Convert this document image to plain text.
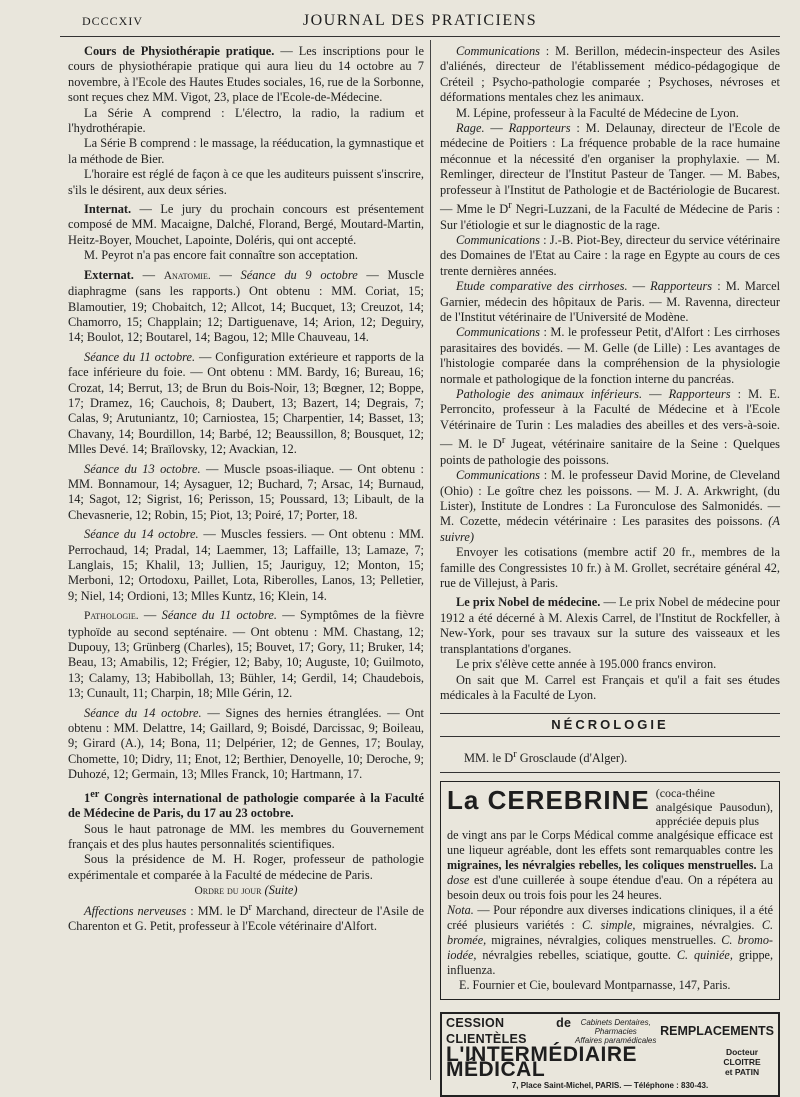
DCCCXIV	JOURNAL DES PRATICIENS

Cours de Physiothérapie pratique. — Les inscriptions pour le cours de physiothérapie pratique qui aura lieu du 14 octobre au 7 novembre, à l'Ecole des Hautes Etudes sociales, 16, rue de la Sorbonne, sont reçues chez MM. Vigot, 23, place de l'Ecole-de-Médecine.

La Série A comprend : L'électro, la radio, la radium et l'hydrothérapie.

La Série B comprend : le massage, la rééducation, la gymnastique et la méthode de Bier.

L'horaire est réglé de façon à ce que les auditeurs puissent s'inscrire, s'ils le désirent, aux deux séries.

Internat. — Le jury du prochain concours est présentement composé de MM. Macaigne, Dalché, Florand, Bergé, Moutard-Martin, Heitz-Boyer, Mouchet, Lapointe, Doléris, qui ont accepté.

M. Peyrot n'a pas encore fait connaître son acceptation.

Externat. — Anatomie. — Séance du 9 octobre — Muscle diaphragme (sans les rapports.) Ont obtenu : MM. Coriat, 15; Blamoutier, 19; Chobaitch, 12; Allcot, 14; Bucquet, 13; Creuzot, 14; Chamorro, 15; Chapplain; 12; Dartiguenave, 14; Arion, 12; Deguiry, 14; Boulot, 12; Boutarel, 14; Bagou, 12; Mlle Chauveau, 14.

Séance du 11 octobre. — Configuration extérieure et rapports de la face inférieure du foie. — Ont obtenu : MM. Bardy, 16; Bureau, 16; Crozat, 14; Berrut, 13; de Brun du Bois-Noir, 13; Bœgner, 12; Boppe, 17; Dramez, 16; Cauchois, 8; Daubert, 13; Bazert, 14; Degrais, 7; Calas, 9; Arutuniantz, 10; Carniostea, 15; Charpentier, 14; Basset, 13; Chavany, 14; Bourdillon, 14; Barbé, 12; Beaussillon, 8; Bousquet, 12; Mlles Devé. 14; Braïlovsky, 12; Avackian, 12.

Séance du 13 octobre. — Muscle psoas-iliaque. — Ont obtenu : MM. Bonnamour, 14; Aysaguer, 12; Buchard, 7; Arsac, 14; Burnaud, 14; Sagot, 12; Sigrist, 16; Perisson, 15; Poussard, 13; Libault, de la Chevasnerie, 12; Robin, 15; Piot, 13; Poiré, 17; Porter, 18.

Séance du 14 octobre. — Muscles fessiers. — Ont obtenu : MM. Perrochaud, 14; Pradal, 14; Laemmer, 13; Laffaille, 13; Lamaze, 7; Langlais, 15; Khalil, 13; Jullien, 15; Jauriguy, 12; Monton, 15; Merboni, 12; Ortodoxu, Paillet, Lota, Riberolles, Lanos, 13; Pelletier, 9; Niel, 14; Ordioni, 13; Mlles Kuntz, 16; Klein, 14.

Pathologie. — Séance du 11 octobre. — Symptômes de la fièvre typhoïde au second septénaire. — Ont obtenu : MM. Chastang, 12; Dupouy, 13; Grünberg (Charles), 15; Bouvet, 17; Gory, 11; Bruker, 14; Beau, 13; Amabilis, 12; Frégier, 12; Baby, 10; Auguste, 10; Guilmoto, 13; Calamy, 13; Habibollah, 13; Bühler, 14; Gerdil, 14; Chaudebois, 13; Cunault, 11; Charpin, 18; Mlle Gérin, 12.

Séance du 14 octobre. — Signes des hernies étranglées. — Ont obtenu : MM. Delattre, 14; Gaillard, 9; Boisdé, Darcissac, 9; Boileau, 9; Girard (A.), 14; Bona, 11; Delpérier, 12; de Gennes, 17; Boulay, Chomette, 10; Didry, 11; Enot, 12; Berthier, Denoyelle, 10; Deroche, 9; Duhozé, 12; Germain, 13; Mlles Franck, 10; Hartmann, 17.

1er Congrès international de pathologie comparée à la Faculté de Médecine de Paris, du 17 au 23 octobre.

Sous le haut patronage de MM. les membres du Gouvernement français et des plus hautes personnalités scientifiques.

Sous la présidence de M. H. Roger, professeur de pathologie expérimentale et comparée à la Faculté de médecine de Paris.

Ordre du jour (Suite)

Affections nerveuses : MM. le $D^r$ Marchand, directeur de l'Asile de Charenton et G. Petit, professeur à l'Ecole vétérinaire d'Alfort.

Communications : M. Berillon, médecin-inspecteur des Asiles d'aliénés, directeur de l'établissement médico-pédagogique de Créteil ; Psycho-pathologie comparée ; Psychoses, névroses et déformations mentales chez les animaux.

M. Lépine, professeur à la Faculté de Médecine de Lyon.

Rage. — Rapporteurs : M. Delaunay, directeur de l'Ecole de médecine de Poitiers : La fréquence probable de la race humaine méconnue et la nécessité d'en organiser la prophylaxie. — M. Remlinger, directeur de l'Institut Pasteur de Tanger. — M. Babes, professeur à l'Institut de Pathologie et de Bactériologie de Bucarest. — Mme le $D^r$ Negri-Luzzani, de la Faculté de Médecine de Paris : Sur l'étiologie et sur le diagnostic de la rage.

Communications : J.-B. Piot-Bey, directeur du service vétérinaire des Domaines de l'Etat au Caire : la rage en Egypte au cours de ces trente dernières années.

Etude comparative des cirrhoses. — Rapporteurs : M. Marcel Garnier, médecin des hôpitaux de Paris. — M. Ravenna, directeur de l'Institut vétérinaire de l'Université de Modène.

Communications : M. le professeur Petit, d'Alfort : Les cirrhoses parasitaires des bovidés. — M. Gelle (de Lille) : Les avantages de l'histologie comparée dans la compréhension de la physiologie normale et pathologique de la fonction interne du pancréas.

Pathologie des animaux inférieurs. — Rapporteurs : M. E. Perroncito, professeur à la Faculté de Médecine et à l'Ecole Vétérinaire de Turin : Les maladies des abeilles et des vers-à-soie. — M. le $D^r$ Jugeat, vétérinaire sanitaire de la Seine : Quelques points de pathologie des poissons.

Communications : M. le professeur David Morine, de Cleveland (Ohio) : Le goître chez les poissons. — M. J. A. Arkwright, (du Lister), Institute de Londres : La Furonculose des Salmonidés. — M. Cozette, médecin vétérinaire : Les parasites des poissons. (A suivre)

Envoyer les cotisations (membre actif 20 fr., membres de la famille des Congressistes 10 fr.) à M. Grollet, secrétaire général 42, rue de Villejust, à Paris.

Le prix Nobel de médecine. — Le prix Nobel de médecine pour 1912 a été décerné à M. Alexis Carrel, de l'Institut de Rockfeller, à New-York, pour ses travaux sur la suture des vaisseaux et les transplantations d'organes.

Le prix s'élève cette année à 195.000 francs environ.

On sait que M. Carrel est Français et qu'il a fait ses études médicales à la Faculté de Lyon.

NÉCROLOGIE
MM. le $D^r$ Grosclaude (d'Alger).
La CEREBRINE (coca-théine analgésique Pausodun), appréciée depuis plus

de vingt ans par le Corps Médical comme analgésique efficace est une liqueur agréable, dont les effets sont remarquables contre les migraines, les névralgies rebelles, les coliques menstruelles. La dose est d'une cuillerée à soupe étendue d'eau. On a répétera au besoin deux ou trois fois pour les 24 heures.

Nota. — Pour répondre aux diverses indications cliniques, il a été créé plusieurs variétés : C. simple, migraines, névralgies. C. bromée, migraines, névralgies, coliques menstruelles. C. bromo-iodée, névralgies rebelles, sciatique, goutte. C. quiniée, grippe, influenza.

E. Fournier et Cie, boulevard Montparnasse, 147, Paris.

CESSION de CLIENTÈLES
Cabinets Dentaires, Pharmacies
Affaires paramédicales
REMPLACEMENTS
L'INTERMÉDIAIRE MÉDICAL
Docteur CLOITRE
et PATIN
7, Place Saint-Michel, PARIS. — Téléphone : 830-43.
